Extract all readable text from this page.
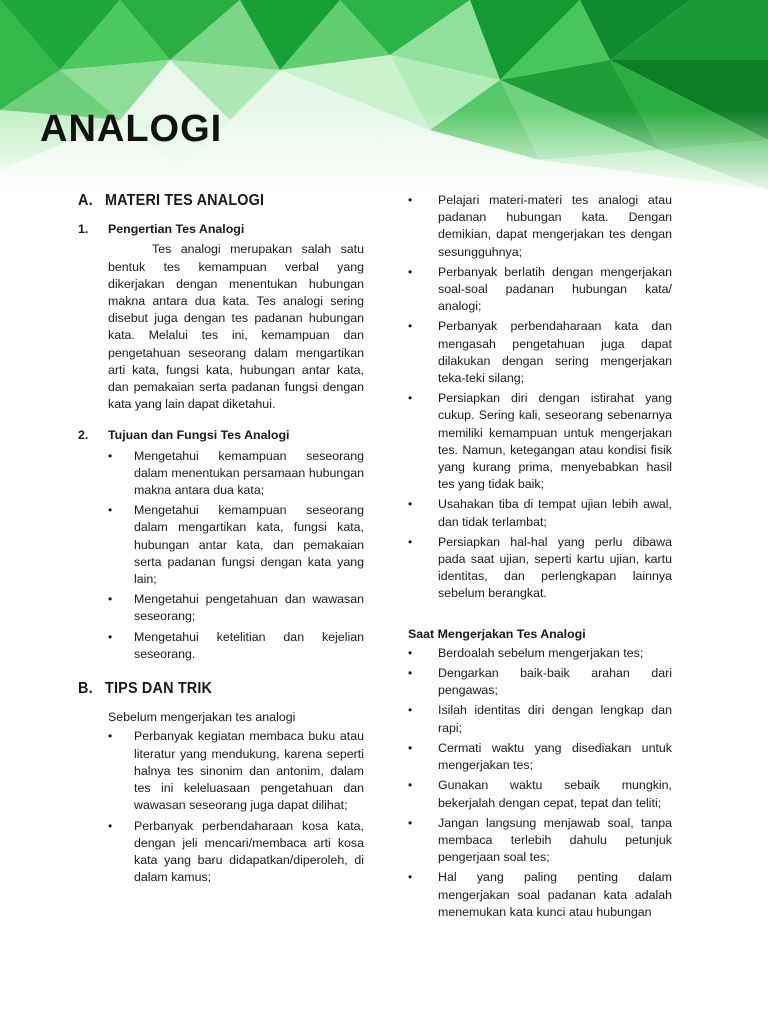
ANALOGI
A. MATERI TES ANALOGI
1.	Pengertian Tes Analogi

Tes analogi merupakan salah satu bentuk tes kemampuan verbal yang dikerjakan dengan menentukan hubungan makna antara dua kata. Tes analogi sering disebut juga dengan tes padanan hubungan kata. Melalui tes ini, kemampuan dan pengetahuan seseorang dalam mengartikan arti kata, fungsi kata, hubungan antar kata, dan pemakaian serta padanan fungsi dengan kata yang lain dapat diketahui.

2.	Tujuan dan Fungsi Tes Analogi
• Mengetahui kemampuan seseorang dalam menentukan persamaan hubungan makna antara dua kata;
• Mengetahui kemampuan seseorang dalam mengartikan kata, fungsi kata, hubungan antar kata, dan pemakaian serta padanan fungsi dengan kata yang lain;
• Mengetahui pengetahuan dan wawasan seseorang;
• Mengetahui ketelitian dan kejelian seseorang.
B. TIPS DAN TRIK

Sebelum mengerjakan tes analogi

• Perbanyak kegiatan membaca buku atau literatur yang mendukung, karena seperti halnya tes sinonim dan antonim, dalam tes ini keleluasaan pengetahuan dan wawasan seseorang juga dapat dilihat;
• Perbanyak perbendaharaan kosa kata, dengan jeli mencari/membaca arti kosa kata yang baru didapatkan/diperoleh, di dalam kamus;
• Pelajari materi-materi tes analogi atau padanan hubungan kata. Dengan demikian, dapat mengerjakan tes dengan sesungguhnya;
• Perbanyak berlatih dengan mengerjakan soal-soal padanan hubungan kata/ analogi;
• Perbanyak perbendaharaan kata dan mengasah pengetahuan juga dapat dilakukan dengan sering mengerjakan teka-teki silang;
• Persiapkan diri dengan istirahat yang cukup. Sering kali, seseorang sebenarnya memiliki kemampuan untuk mengerjakan tes. Namun, ketegangan atau kondisi fisik yang kurang prima, menyebabkan hasil tes yang tidak baik;
• Usahakan tiba di tempat ujian lebih awal, dan tidak terlambat;
• Persiapkan hal-hal yang perlu dibawa pada saat ujian, seperti kartu ujian, kartu identitas, dan perlengkapan lainnya sebelum berangkat.

Saat Mengerjakan Tes Analogi

• Berdoalah sebelum mengerjakan tes;
• Dengarkan baik-baik arahan dari pengawas;
• Isilah identitas diri dengan lengkap dan rapi;
• Cermati waktu yang disediakan untuk mengerjakan tes;
• Gunakan waktu sebaik mungkin, bekerjalah dengan cepat, tepat dan teliti;
• Jangan langsung menjawab soal, tanpa membaca terlebih dahulu petunjuk pengerjaan soal tes;
• Hal yang paling penting dalam mengerjakan soal padanan kata adalah menemukan kata kunci atau hubungan
